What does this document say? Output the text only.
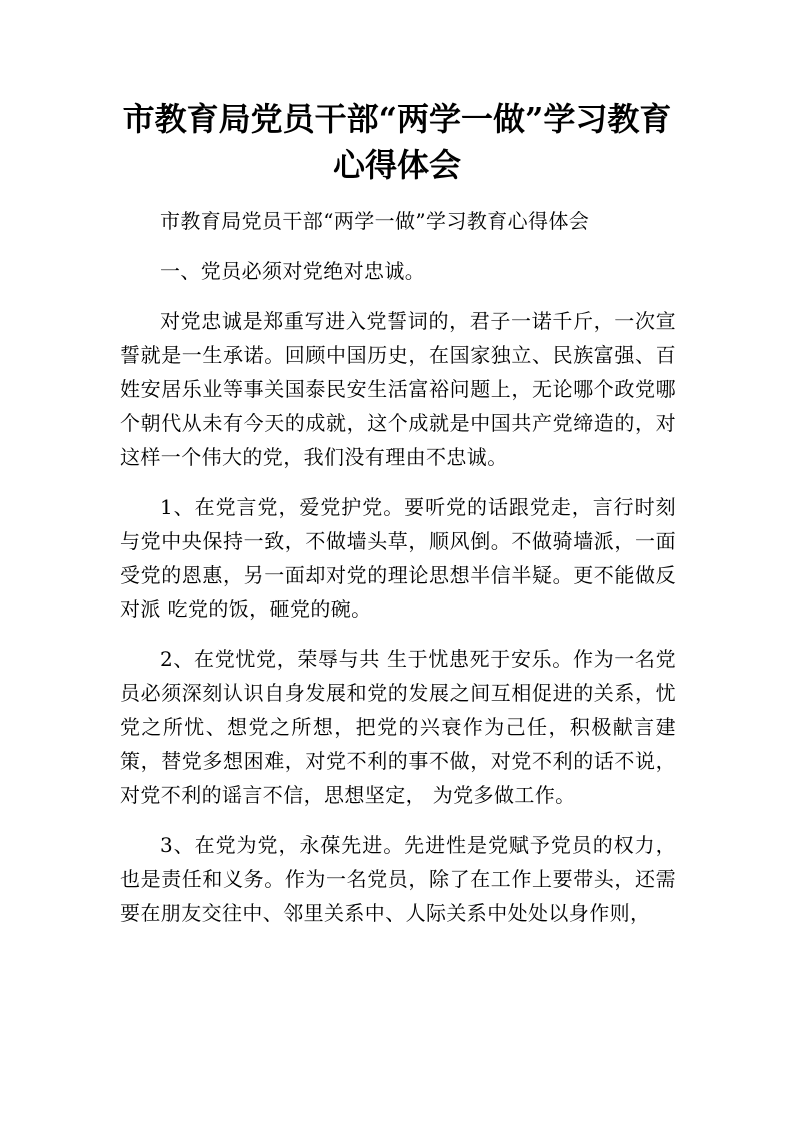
市教育局党员干部“两学一做”学习教育心得体会

市教育局党员干部“两学一做”学习教育心得体会

一、党员必须对党绝对忠诚。

对党忠诚是郑重写进入党誓词的，君子一诺千斤，一次宣誓就是一生承诺。回顾中国历史，在国家独立、民族富强、百姓安居乐业等事关国泰民安生活富裕问题上，无论哪个政党哪个朝代从未有今天的成就，这个成就是中国共产党缔造的，对这样一个伟大的党，我们没有理由不忠诚。

1、在党言党，爱党护党。要听党的话跟党走，言行时刻与党中央保持一致，不做墙头草，顺风倒。不做骑墙派，一面受党的恩惠，另一面却对党的理论思想半信半疑。更不能做反对派 吃党的饭，砸党的碗。

2、在党忧党，荣辱与共 生于忧患死于安乐。作为一名党员必须深刻认识自身发展和党的发展之间互相促进的关系，忧党之所忧、想党之所想，把党的兴衰作为己任，积极献言建策，替党多想困难，对党不利的事不做，对党不利的话不说，对党不利的谣言不信，思想坚定， 为党多做工作。

3、在党为党，永葆先进。先进性是党赋予党员的权力，也是责任和义务。作为一名党员，除了在工作上要带头，还需要在朋友交往中、邻里关系中、人际关系中处处以身作则，
